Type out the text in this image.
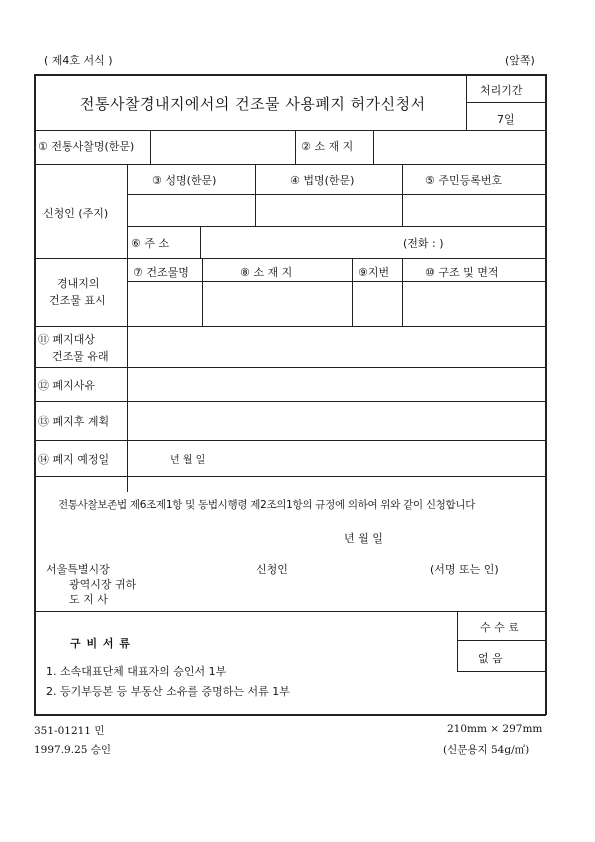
( 제4호 서식 )	(앞쪽)
전통사찰경내지에서의 건조물 사용폐지 허가신청서
처리기간
7일
① 전통사찰명(한문)	② 소 재 지
신청인 (주지)
③ 성명(한문)	④ 법명(한문)	⑤ 주민등록번호
⑥ 주 소	(전화 : )
경내지의
건조물 표시
⑦ 건조물명	⑧ 소 재 지	⑨지번	⑩ 구조 및 면적
⑪ 폐지대상
건조물 유래
⑫ 폐지사유
⑬ 폐지후 계획
⑭ 폐지 예정일	년 월 일
전통사찰보존법 제6조제1항 및 동법시행령 제2조의1항의 규정에 의하여 위와 같이 신청합니다
년 월 일
서울특별시장
광역시장 귀하
도 지 사
신청인	(서명 또는 인)
구 비 서 류
1. 소속대표단체 대표자의 승인서 1부
2. 등기부등본 등 부동산 소유를 증명하는 서류 1부
수 수 료
없 음
351-01211 민
1997.9.25 승인
210mm × 297mm
(신문용지 54g/㎡)
